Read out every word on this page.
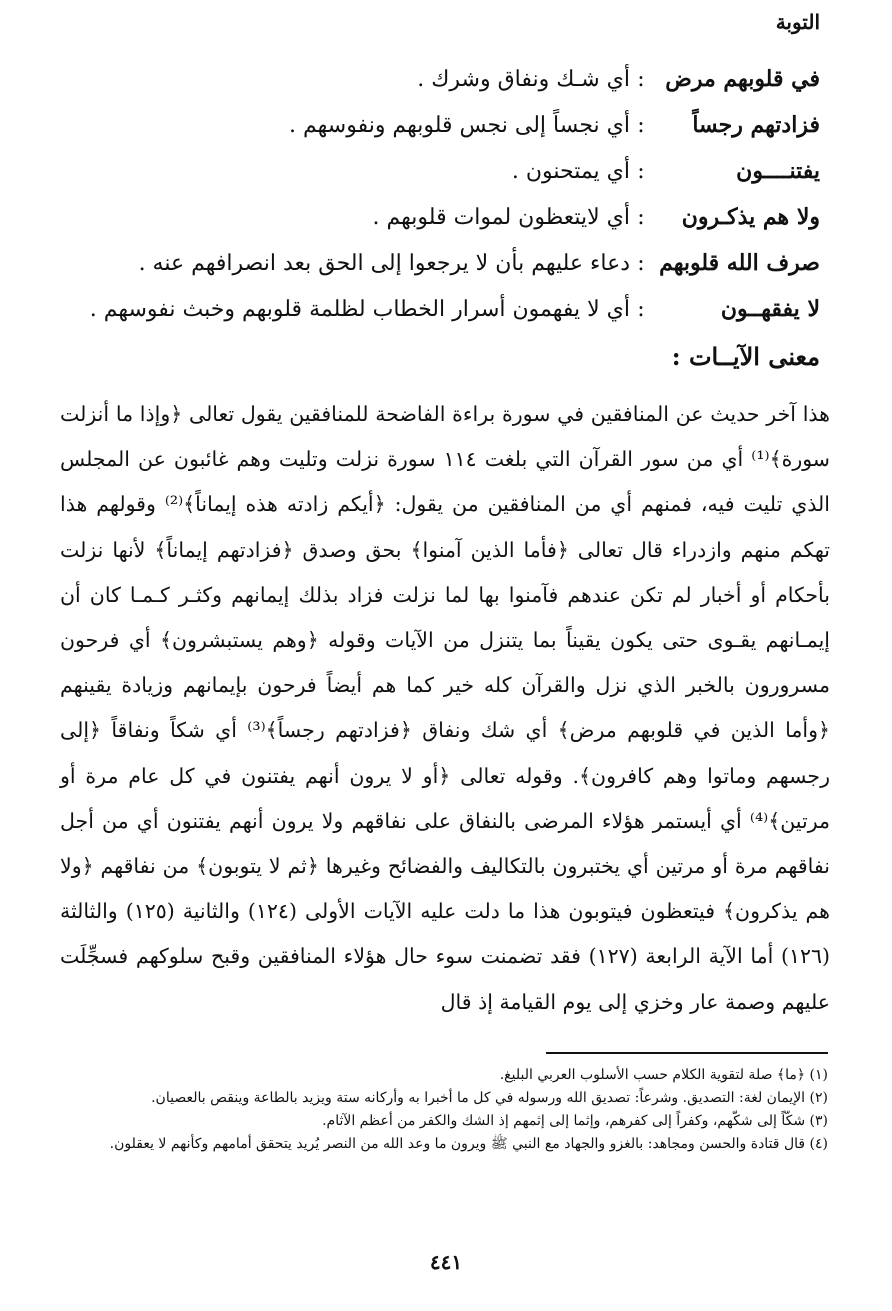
التوبة
في قلوبهم مرض
:
أي شـك ونفاق وشرك .
فزادتهم رجساً
:
أي نجساً إلى نجس قلوبهم ونفوسهم .
يفتنــــون
:
أي يمتحنون .
ولا هم يذكـرون
:
أي لايتعظون لموات قلوبهم .
صرف الله قلوبهم
:
دعاء عليهم بأن لا يرجعوا إلى الحق بعد انصرافهم عنه .
لا يفقهــون
:
أي لا يفهمون أسرار الخطاب لظلمة قلوبهم وخبث نفوسهم .
معنى الآيــات :

هذا آخر حديث عن المنافقين في سورة براءة الفاضحة للمنافقين يقول تعالى ﴿وإذا ما أنزلت سورة﴾⁽¹⁾ أي من سور القرآن التي بلغت ١١٤ سورة نزلت وتليت وهم غائبون عن المجلس الذي تليت فيه، فمنهم أي من المنافقين من يقول: ﴿أيكم زادته هذه إيماناً﴾⁽²⁾ وقولهم هذا تهكم منهم وازدراء قال تعالى ﴿فأما الذين آمنوا﴾ بحق وصدق ﴿فزادتهم إيماناً﴾ لأنها نزلت بأحكام أو أخبار لم تكن عندهم فآمنوا بها لما نزلت فزاد بذلك إيمانهم وكثـر كـمـا كان أن إيمـانهم يقـوى حتى يكون يقيناً بما يتنزل من الآيات وقوله ﴿وهم يستبشرون﴾ أي فرحون مسرورون بالخبر الذي نزل والقرآن كله خير كما هم أيضاً فرحون بإيمانهم وزيادة يقينهم ﴿وأما الذين في قلوبهم مرض﴾ أي شك ونفاق ﴿فزادتهم رجساً﴾⁽³⁾ أي شكاً ونفاقاً ﴿إلى رجسهم وماتوا وهم كافرون﴾. وقوله تعالى ﴿أو لا يرون أنهم يفتنون في كل عام مرة أو مرتين﴾⁽⁴⁾ أي أيستمر هؤلاء المرضى بالنفاق على نفاقهم ولا يرون أنهم يفتنون أي من أجل نفاقهم مرة أو مرتين أي يختبرون بالتكاليف والفضائح وغيرها ﴿ثم لا يتوبون﴾ من نفاقهم ﴿ولا هم يذكرون﴾ فيتعظون فيتوبون هذا ما دلت عليه الآيات الأولى (١٢٤) والثانية (١٢٥) والثالثة (١٢٦) أما الآية الرابعة (١٢٧) فقد تضمنت سوء حال هؤلاء المنافقين وقبح سلوكهم فسجِّلَت عليهم وصمة عار وخزي إلى يوم القيامة إذ قال

(١) ﴿ما﴾ صلة لتقوية الكلام حسب الأسلوب العربي البليغ.

(٢) الإيمان لغة: التصديق. وشرعاً: تصديق الله ورسوله في كل ما أخبرا به وأركانه ستة ويزيد بالطاعة وينقص بالعصيان.

(٣) شكّاً إلى شكّهم، وكفراً إلى كفرهم، وإثما إلى إثمهم إذ الشك والكفر من أعظم الآثام.

(٤) قال قتادة والحسن ومجاهد: بالغزو والجهاد مع النبي ﷺ ويرون ما وعد الله من النصر يُريد يتحقق أمامهم وكأنهم لا يعقلون.

٤٤١
